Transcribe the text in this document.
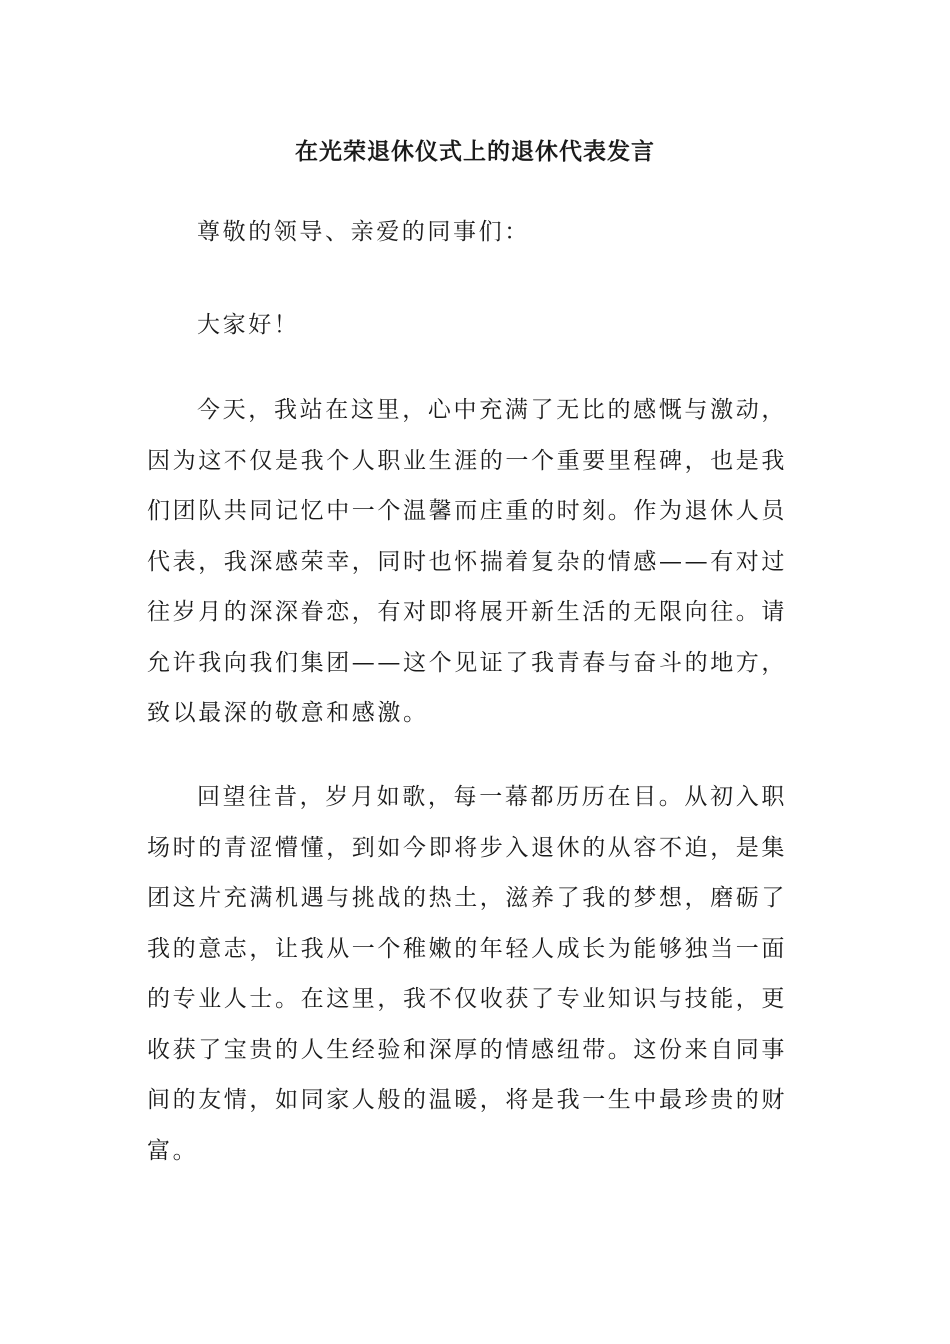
在光荣退休仪式上的退休代表发言

尊敬的领导、亲爱的同事们：

大家好！

今天，我站在这里，心中充满了无比的感慨与激动，因为这不仅是我个人职业生涯的一个重要里程碑，也是我们团队共同记忆中一个温馨而庄重的时刻。作为退休人员代表，我深感荣幸，同时也怀揣着复杂的情感——有对过往岁月的深深眷恋，有对即将展开新生活的无限向往。请允许我向我们集团——这个见证了我青春与奋斗的地方，致以最深的敬意和感激。

回望往昔，岁月如歌，每一幕都历历在目。从初入职场时的青涩懵懂，到如今即将步入退休的从容不迫，是集团这片充满机遇与挑战的热土，滋养了我的梦想，磨砺了我的意志，让我从一个稚嫩的年轻人成长为能够独当一面的专业人士。在这里，我不仅收获了专业知识与技能，更收获了宝贵的人生经验和深厚的情感纽带。这份来自同事间的友情，如同家人般的温暖，将是我一生中最珍贵的财富。
